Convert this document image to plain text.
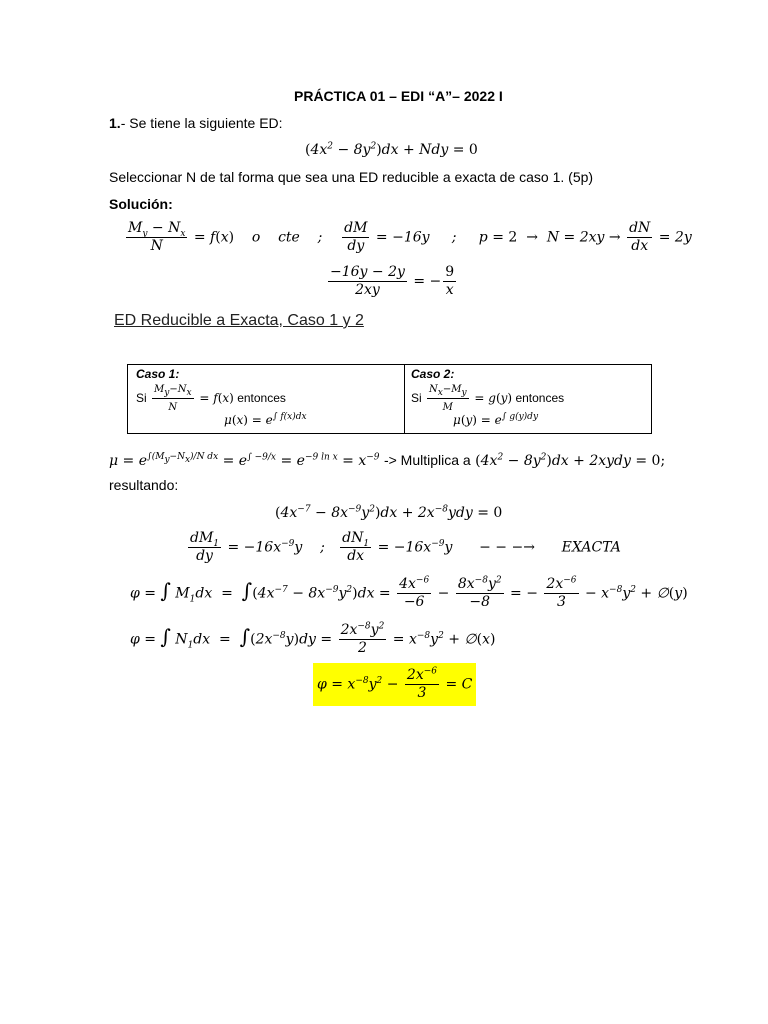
PRÁCTICA 01 – EDI “A”– 2022 I
1.- Se tiene la siguiente ED:
$(4x^2 - 8y^2)dx$ + Ndy = 0
Seleccionar N de tal forma que sea una ED reducible a exacta de caso 1. (5p)
Solución:
$\frac{M_y - N_x}{N} = f(x)$    o    cte    ; $\frac{dM}{dy} = -16y$     ;     $p = 2 \to N = 2xy \to \frac{dN}{dx} = 2y$
$\frac{-16y - 2y}{2xy}$ = − $\frac{9}{x}$
ED Reducible a Exacta, Caso 1 y 2
Caso 1:
Si $\frac{M_y-N_x}{N} = f(x)$ entonces
$\mu(x) = e^{\int f(x)dx}$
Caso 2:
Si $\frac{N_x-M_y}{M} = g(y)$ entonces
$\mu(y) = e^{\int g(y)dy}$
$\mu = e^{\int(M_y-N_x)/N dx} = e^{\int -9/x} = e^{-9 ln x} = x^{-9}$ -> Multiplica a $(4x^2 - 8y^2)dx$ + 2xydy = 0;
resultando:
$(4x^{-7} - 8x^{-9}y^2)dx + 2x^{-8}ydy = 0$
$\frac{dM_1}{dy} = -16x^{-9}y$    ; $\frac{dN_1}{dx} = -16x^{-9}y$      − − −→ EXACTA
φ = ∫ $M_1dx = \int(4x^{-7} - 8x^{-9}y^2)dx = \frac{4x^{-6}}{-6} - \frac{8x^{-8}y^2}{-8}$ = − $\frac{2x^{-6}}{3} - x^{-8}y^2$ + ∅(y)
φ = ∫ $N_1dx = \int(2x^{-8}y)dy = \frac{2x^{-8}y^2}{2} = x^{-8}y^2$ + ∅(x)
$\varphi = x^{-8}y^2 - \frac{2x^{-6}}{3} = C$
